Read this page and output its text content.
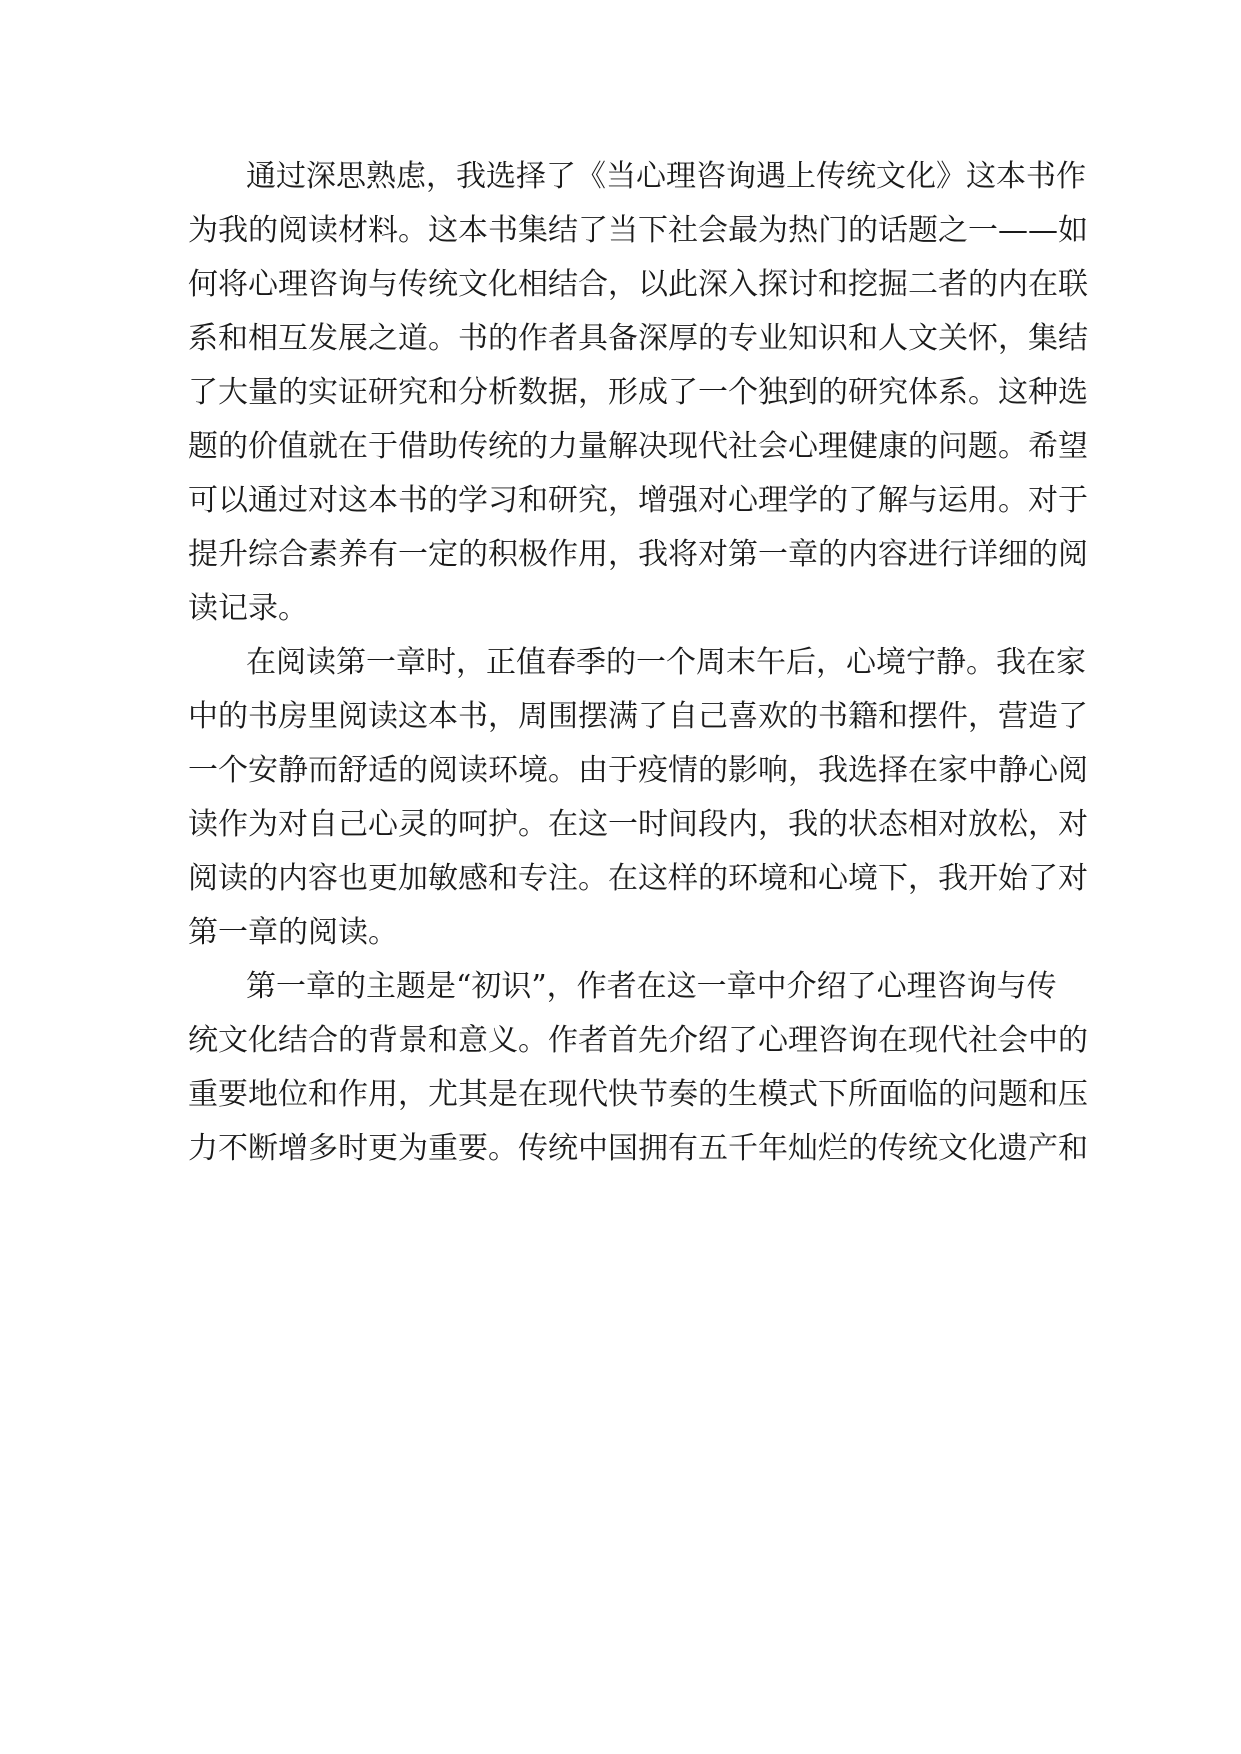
通过深思熟虑，我选择了《当心理咨询遇上传统文化》这本书作
为我的阅读材料。这本书集结了当下社会最为热门的话题之一——如
何将心理咨询与传统文化相结合，以此深入探讨和挖掘二者的内在联
系和相互发展之道。书的作者具备深厚的专业知识和人文关怀，集结
了大量的实证研究和分析数据，形成了一个独到的研究体系。这种选
题的价值就在于借助传统的力量解决现代社会心理健康的问题。希望
可以通过对这本书的学习和研究，增强对心理学的了解与运用。对于
提升综合素养有一定的积极作用，我将对第一章的内容进行详细的阅
读记录。
在阅读第一章时，正值春季的一个周末午后，心境宁静。我在家
中的书房里阅读这本书，周围摆满了自己喜欢的书籍和摆件，营造了
一个安静而舒适的阅读环境。由于疫情的影响，我选择在家中静心阅
读作为对自己心灵的呵护。在这一时间段内，我的状态相对放松，对
阅读的内容也更加敏感和专注。在这样的环境和心境下，我开始了对
第一章的阅读。
第一章的主题是“初识”，作者在这一章中介绍了心理咨询与传
统文化结合的背景和意义。作者首先介绍了心理咨询在现代社会中的
重要地位和作用，尤其是在现代快节奏的生模式下所面临的问题和压
力不断增多时更为重要。传统中国拥有五千年灿烂的传统文化遗产和
